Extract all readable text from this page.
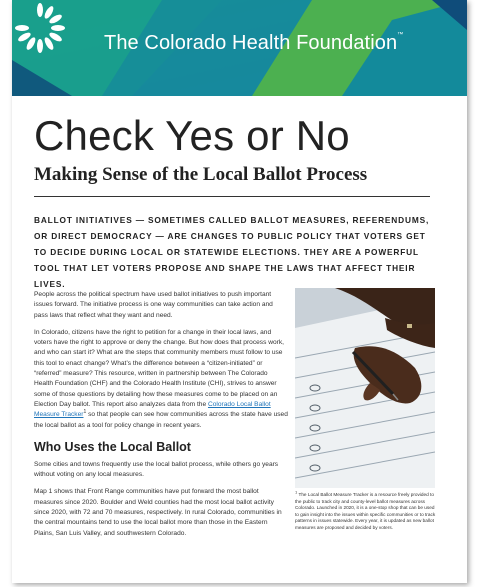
The Colorado Health Foundation™
Check Yes or No
Making Sense of the Local Ballot Process

BALLOT INITIATIVES — SOMETIMES CALLED BALLOT MEASURES, REFERENDUMS, OR DIRECT DEMOCRACY — ARE CHANGES TO PUBLIC POLICY THAT VOTERS GET TO DECIDE DURING LOCAL OR STATEWIDE ELECTIONS. THEY ARE A POWERFUL TOOL THAT LET VOTERS PROPOSE AND SHAPE THE LAWS THAT AFFECT THEIR LIVES.

People across the political spectrum have used ballot initiatives to push important issues forward. The initiative process is one way communities can take action and pass laws that reflect what they want and need.

In Colorado, citizens have the right to petition for a change in their local laws, and voters have the right to approve or deny the change. But how does that process work, and who can start it? What are the steps that community members must follow to use this tool to enact change? What’s the difference between a “citizen-initiated” or “referred” measure? This resource, written in partnership between The Colorado Health Foundation (CHF) and the Colorado Health Institute (CHI), strives to answer some of those questions by detailing how these measures come to be placed on an Election Day ballot. This report also analyzes data from the Colorado Local Ballot Measure Tracker$^1$ so that people can see how communities across the state have used the local ballot as a tool for policy change in recent years.

Who Uses the Local Ballot

Some cities and towns frequently use the local ballot process, while others go years without voting on any local measures.

Map 1 shows that Front Range communities have put forward the most ballot measures since 2020. Boulder and Weld counties had the most local ballot activity since 2020, with 72 and 70 measures, respectively. In rural Colorado, communities in the central mountains tend to use the local ballot more than those in the Eastern Plains, San Luis Valley, and southwestern Colorado.

1 The Local Ballot Measure Tracker is a resource freely provided to the public to track city and county-level ballot measures across Colorado. Launched in 2020, it is a one-stop shop that can be used to gain insight into the issues within specific communities or to track patterns in issues statewide. Every year, it is updated as new ballot measures are proposed and decided by voters.
